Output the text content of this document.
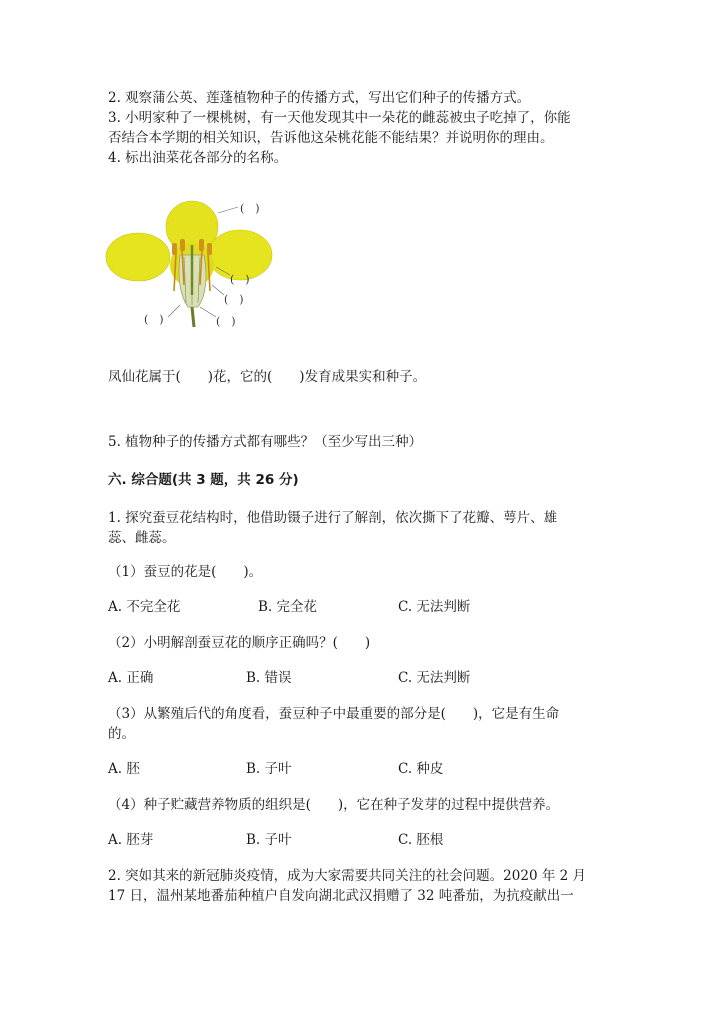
2. 观察蒲公英、莲蓬植物种子的传播方式，写出它们种子的传播方式。
3. 小明家种了一棵桃树，有一天他发现其中一朵花的雌蕊被虫子吃掉了，你能
否结合本学期的相关知识，告诉他这朵桃花能不能结果？并说明你的理由。
4. 标出油菜花各部分的名称。
(　)
(　)
(　)
(　)	(　)
凤仙花属于(　　)花，它的(　　)发育成果实和种子。
5. 植物种子的传播方式都有哪些？（至少写出三种）
六. 综合题(共 3 题，共 26 分)
1. 探究蚕豆花结构时，他借助镊子进行了解剖，依次撕下了花瓣、萼片、雄
蕊、雌蕊。
（1）蚕豆的花是(　　)。
A. 不完全花	B. 完全花	C. 无法判断
（2）小明解剖蚕豆花的顺序正确吗？(　　)
A. 正确	B. 错误	C. 无法判断
（3）从繁殖后代的角度看，蚕豆种子中最重要的部分是(　　)，它是有生命
的。
A. 胚	B. 子叶	C. 种皮
（4）种子贮藏营养物质的组织是(　　)，它在种子发芽的过程中提供营养。
A. 胚芽	B. 子叶	C. 胚根
2. 突如其来的新冠肺炎疫情，成为大家需要共同关注的社会问题。2020 年 2 月
17 日，温州某地番茄种植户自发向湖北武汉捐赠了 32 吨番茄，为抗疫献出一
